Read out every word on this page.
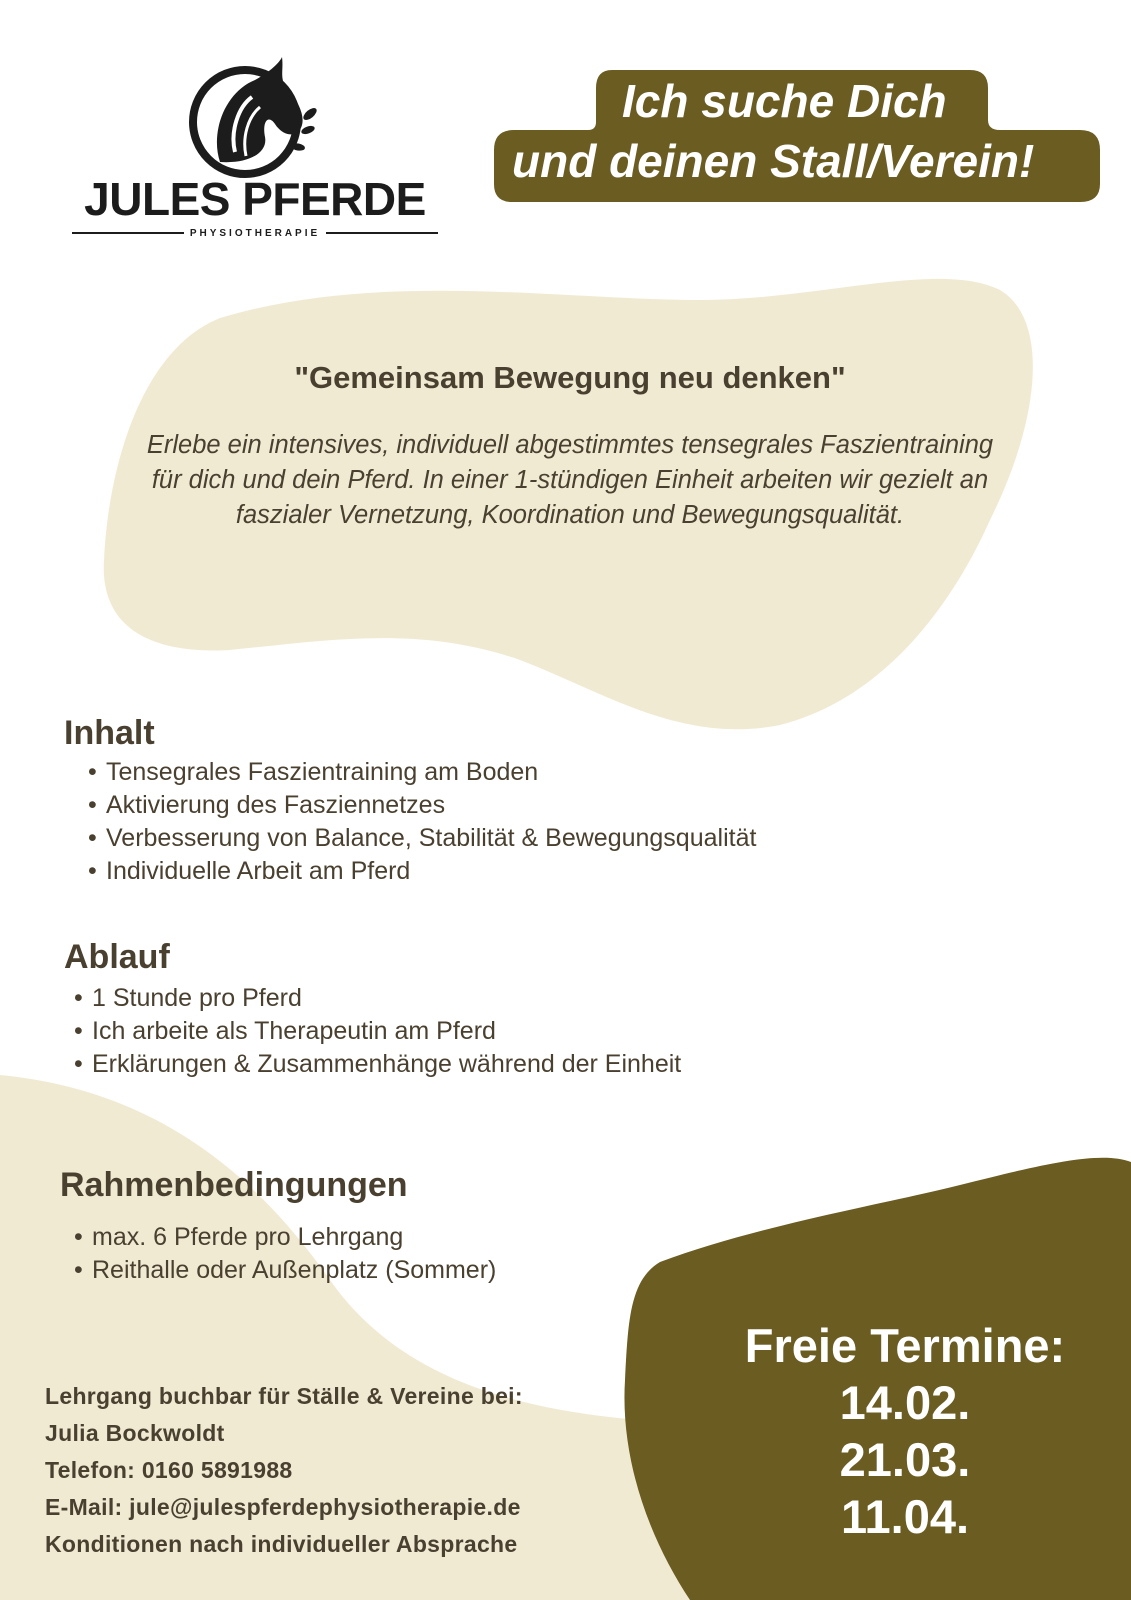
JULES PFERDE
PHYSIOTHERAPIE
Ich suche Dich
und deinen Stall/Verein!
"Gemeinsam Bewegung neu denken"
Erlebe ein intensives, individuell abgestimmtes tensegrales Faszientraining für dich und dein Pferd. In einer 1-stündigen Einheit arbeiten wir gezielt an faszialer Vernetzung, Koordination und Bewegungsqualität.
Inhalt
• Tensegrales Faszientraining am Boden
• Aktivierung des Fasziennetzes
• Verbesserung von Balance, Stabilität & Bewegungsqualität
• Individuelle Arbeit am Pferd
Ablauf
• 1 Stunde pro Pferd
• Ich arbeite als Therapeutin am Pferd
• Erklärungen & Zusammenhänge während der Einheit
Rahmenbedingungen
• max. 6 Pferde pro Lehrgang
• Reithalle oder Außenplatz (Sommer)
Lehrgang buchbar für Ställe & Vereine bei:
Julia Bockwoldt
Telefon: 0160 5891988
E-Mail: jule@julespferdephysiotherapie.de
Konditionen nach individueller Absprache
Freie Termine:
14.02.
21.03.
11.04.
